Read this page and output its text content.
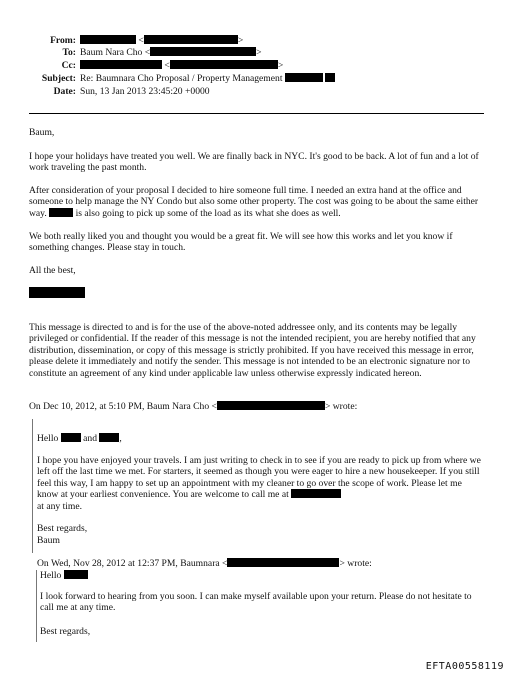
From:	<	>
To: Baum Nara Cho <	>
Cc:	<	>
Subject: Re: Baumnara Cho Proposal / Property Management
Date: Sun, 13 Jan 2013 23:45:20 +0000
Baum,
I hope your holidays have treated you well. We are finally back in NYC. It's good to be back. A lot of fun and a lot of work traveling the past month.
After consideration of your proposal I decided to hire someone full time. I needed an extra hand at the office and someone to help manage the NY Condo but also some other property. The cost was going to be about the same either way.	is also going to pick up some of the load as its what she does as well.
We both really liked you and thought you would be a great fit. We will see how this works and let you know if something changes. Please stay in touch.
All the best,
This message is directed to and is for the use of the above-noted addressee only, and its contents may be legally privileged or confidential. If the reader of this message is not the intended recipient, you are hereby notified that any distribution, dissemination, or copy of this message is strictly prohibited. If you have received this message in error, please delete it immediately and notify the sender. This message is not intended to be an electronic signature nor to constitute an agreement of any kind under applicable law unless otherwise expressly indicated hereon.
On Dec 10, 2012, at 5:10 PM, Baum Nara Cho <	> wrote:
Hello	and ,
I hope you have enjoyed your travels. I am just writing to check in to see if you are ready to pick up from where we left off the last time we met. For starters, it seemed as though you were eager to hire a new housekeeper. If you still feel this way, I am happy to set up an appointment with my cleaner to go over the scope of work. Please let me know at your earliest convenience. You are welcome to call me at
at any time.
Best regards,
Baum
On Wed, Nov 28, 2012 at 12:37 PM, Baumnara <	> wrote:
Hello
I look forward to hearing from you soon. I can make myself available upon your return. Please do not hesitate to call me at any time.
Best regards,
EFTA00558119
